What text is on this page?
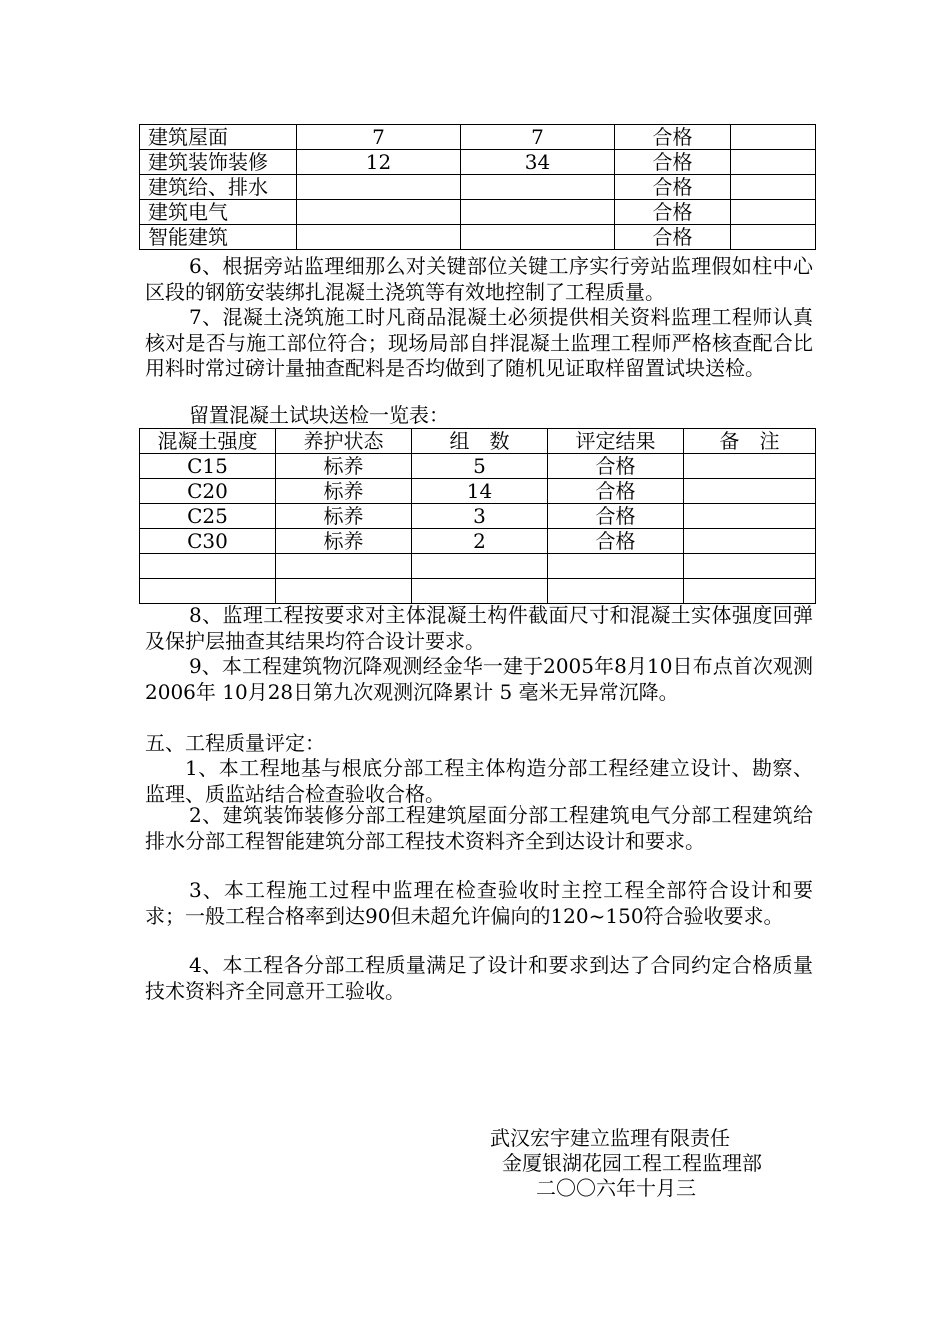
建筑屋面	7	7	合格	
建筑装饰装修	12	34	合格	
建筑给、排水			合格	
建筑电气			合格	
智能建筑			合格	
6、根据旁站监理细那么对关键部位关键工序实行旁站监理假如柱中心区段的钢筋安装绑扎混凝土浇筑等有效地控制了工程质量。
7、混凝土浇筑施工时凡商品混凝土必须提供相关资料监理工程师认真核对是否与施工部位符合；现场局部自拌混凝土监理工程师严格核查配合比用料时常过磅计量抽查配料是否均做到了随机见证取样留置试块送检。
留置混凝土试块送检一览表：
混凝土强度	养护状态	组　数	评定结果	备　注
C15	标养	5	合格	
C20	标养	14	合格	
C25	标养	3	合格	
C30	标养	2	合格	

8、监理工程按要求对主体混凝土构件截面尺寸和混凝土实体强度回弹及保护层抽查其结果均符合设计要求。
9、本工程建筑物沉降观测经金华一建于2005年8月10日布点首次观测2006年 10月28日第九次观测沉降累计 5 毫米无异常沉降。
五、工程质量评定：
1、本工程地基与根底分部工程主体构造分部工程经建立设计、勘察、监理、质监站结合检查验收合格。
2、建筑装饰装修分部工程建筑屋面分部工程建筑电气分部工程建筑给排水分部工程智能建筑分部工程技术资料齐全到达设计和要求。
3、本工程施工过程中监理在检查验收时主控工程全部符合设计和要求；一般工程合格率到达90但未超允许偏向的120~150符合验收要求。
4、本工程各分部工程质量满足了设计和要求到达了合同约定合格质量技术资料齐全同意开工验收。
武汉宏宇建立监理有限责任
金厦银湖花园工程工程监理部
二〇〇六年十月三
